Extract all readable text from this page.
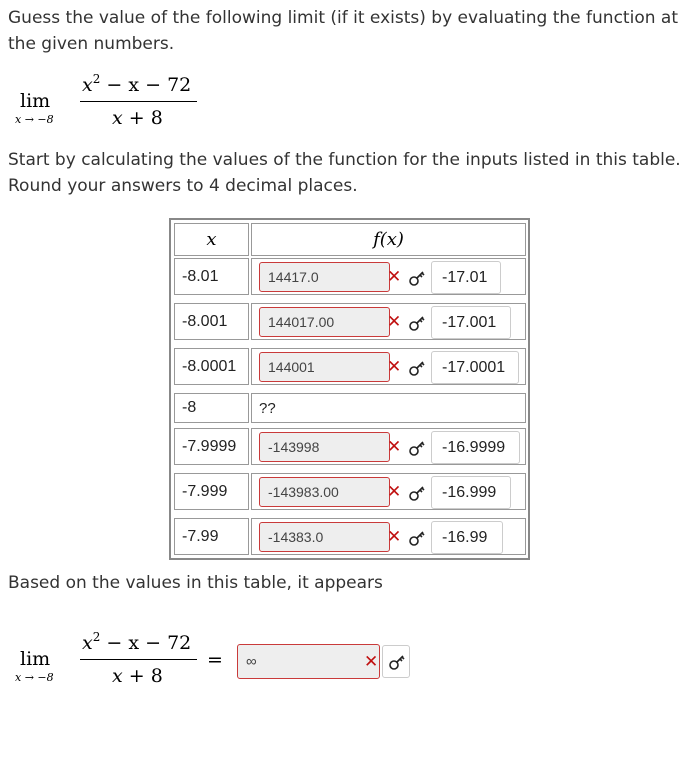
Guess the value of the following limit (if it exists) by evaluating the function at the given numbers.
lim
x → −8
$x^2 - x - 72$
x + 8
Start by calculating the values of the function for the inputs listed in this table. Round your answers to 4 decimal places.
x	f(x)
-8.01	14417.0	✕	-17.01
-8.001	144017.00	✕	-17.001
-8.0001	144001	✕	-17.0001
-8	??
-7.9999	-143998	✕	-16.9999
-7.999	-143983.00	✕	-16.999
-7.99	-14383.0	✕	-16.99
Based on the values in this table, it appears
lim
x → −8
$x^2 - x - 72$
x + 8
=	∞	✕
